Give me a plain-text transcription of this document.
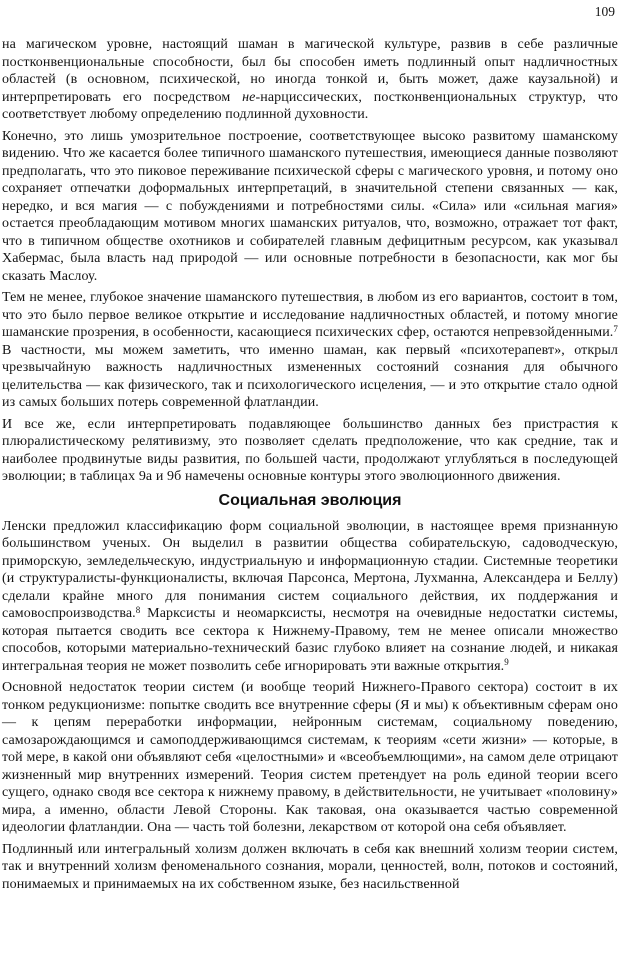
109

на магическом уровне, настоящий шаман в магической культуре, развив в себе различные постконвенциональные способности, был бы способен иметь подлинный опыт надличностных областей (в основном, психической, но иногда тонкой и, быть может, даже каузальной) и интерпретировать его посредством не-нарциссических, постконвенциональных структур, что соответствует любому определению подлинной духовности.

Конечно, это лишь умозрительное построение, соответствующее высоко развитому шаманскому видению. Что же касается более типичного шаманского путешествия, имеющиеся данные позволяют предполагать, что это пиковое переживание психической сферы с магического уровня, и потому оно сохраняет отпечатки доформальных интерпретаций, в значительной степени связанных — как, нередко, и вся магия — с побуждениями и потребностями силы. «Сила» или «сильная магия» остается преобладающим мотивом многих шаманских ритуалов, что, возможно, отражает тот факт, что в типичном обществе охотников и собирателей главным дефицитным ресурсом, как указывал Хабермас, была власть над природой — или основные потребности в безопасности, как мог бы сказать Маслоу.

Тем не менее, глубокое значение шаманского путешествия, в любом из его вариантов, состоит в том, что это было первое великое открытие и исследование надличностных областей, и потому многие шаманские прозрения, в особенности, касающиеся психических сфер, остаются непревзойденными.$^7$ В частности, мы можем заметить, что именно шаман, как первый «психотерапевт», открыл чрезвычайную важность надличностных измененных состояний сознания для обычного целительства — как физического, так и психологического исцеления, — и это открытие стало одной из самых больших потерь современной флатландии.

И все же, если интерпретировать подавляющее большинство данных без пристрастия к плюралистическому релятивизму, это позволяет сделать предположение, что как средние, так и наиболее продвинутые виды развития, по большей части, продолжают углубляться в последующей эволюции; в таблицах 9а и 9б намечены основные контуры этого эволюционного движения.

Социальная эволюция

Ленски предложил классификацию форм социальной эволюции, в настоящее время признанную большинством ученых. Он выделил в развитии общества собирательскую, садоводческую, приморскую, земледельческую, индустриальную и информационную стадии. Системные теоретики (и структуралисты-функционалисты, включая Парсонса, Мертона, Лухманна, Александера и Беллу) сделали крайне много для понимания систем социального действия, их поддержания и самовоспроизводства.$^8$ Марксисты и неомарксисты, несмотря на очевидные недостатки системы, которая пытается сводить все сектора к Нижнему-Правому, тем не менее описали множество способов, которыми материально-технический базис глубоко влияет на сознание людей, и никакая интегральная теория не может позволить себе игнорировать эти важные открытия.$^9$

Основной недостаток теории систем (и вообще теорий Нижнего-Правого сектора) состоит в их тонком редукционизме: попытке сводить все внутренние сферы (Я и мы) к объективным сферам оно — к цепям переработки информации, нейронным системам, социальному поведению, самозарождающимся и самоподдерживающимся системам, к теориям «сети жизни» — которые, в той мере, в какой они объявляют себя «целостными» и «всеобъемлющими», на самом деле отрицают жизненный мир внутренних измерений. Теория систем претендует на роль единой теории всего сущего, однако сводя все сектора к нижнему правому, в действительности, не учитывает «половину» мира, а именно, области Левой Стороны. Как таковая, она оказывается частью современной идеологии флатландии. Она — часть той болезни, лекарством от которой она себя объявляет.

Подлинный или интегральный холизм должен включать в себя как внешний холизм теории систем, так и внутренний холизм феноменального сознания, морали, ценностей, волн, потоков и состояний, понимаемых и принимаемых на их собственном языке, без насильственной
